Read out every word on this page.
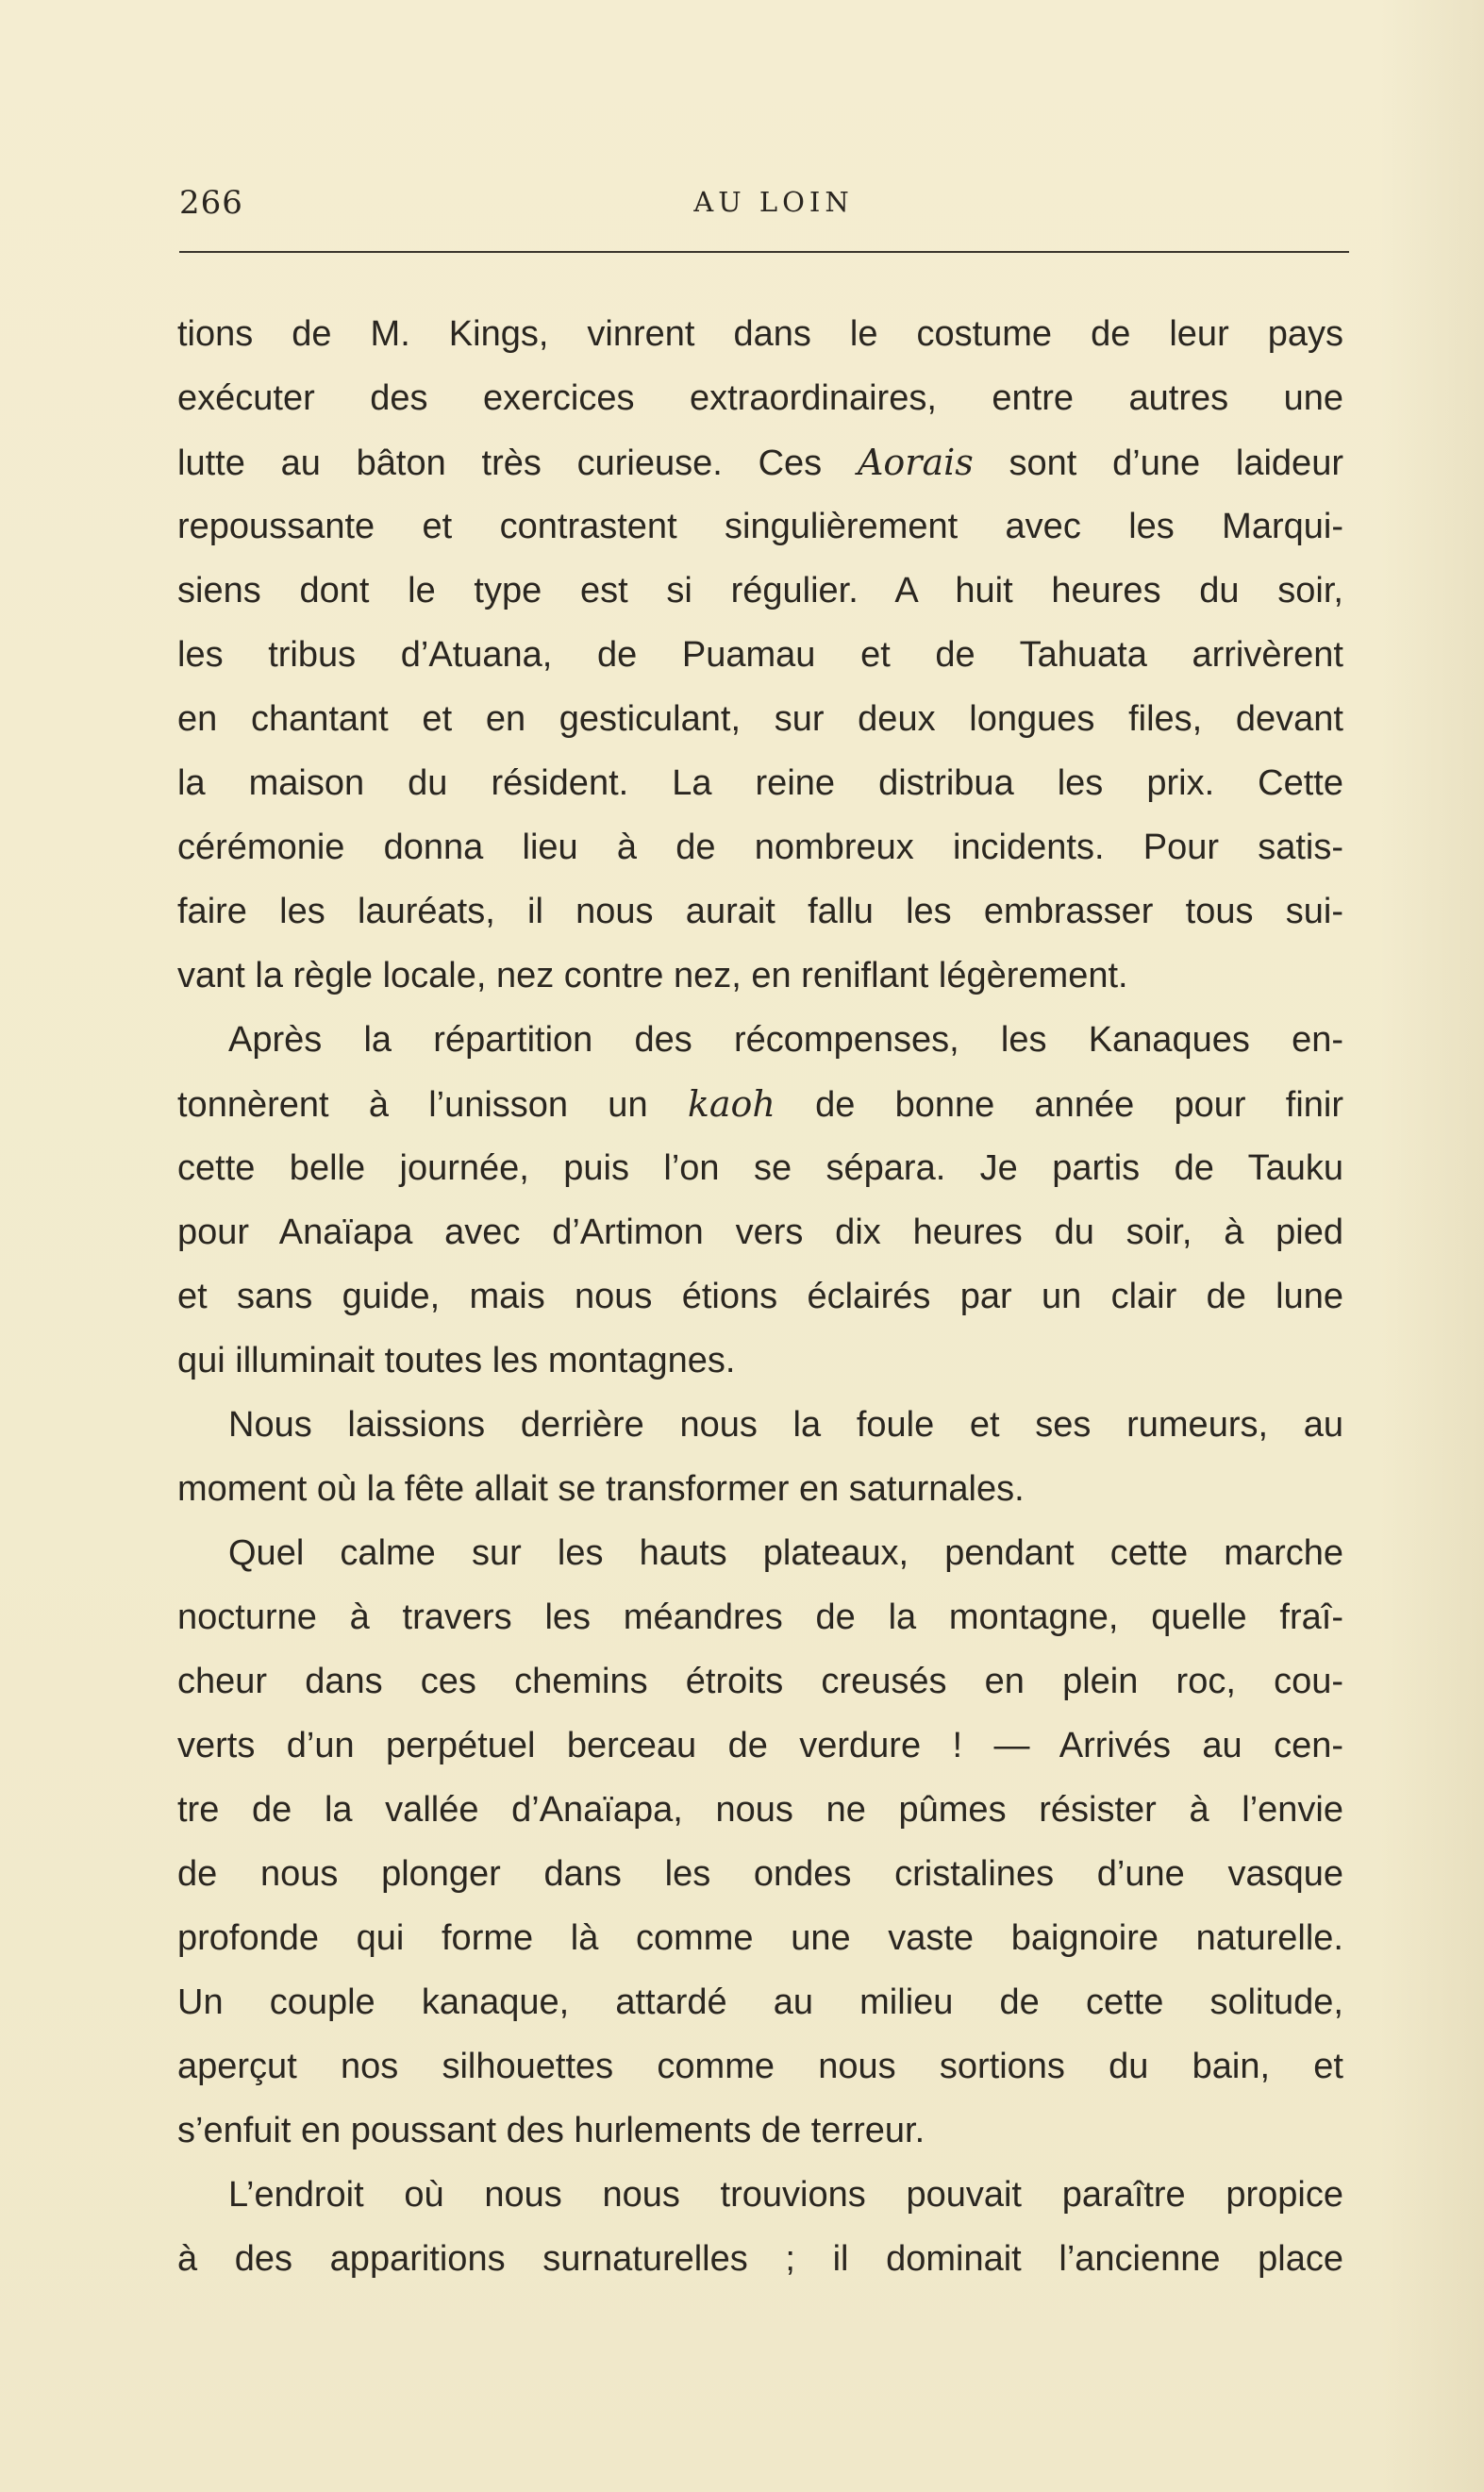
266	AU LOIN
tions de M. Kings, vinrent dans le costume de leur pays
exécuter des exercices extraordinaires, entre autres une
lutte au bâton très curieuse. Ces Aorais sont d’une laideur
repoussante et contrastent singulièrement avec les Marqui-
siens dont le type est si régulier. A huit heures du soir,
les tribus d’Atuana, de Puamau et de Tahuata arrivèrent
en chantant et en gesticulant, sur deux longues files, devant
la maison du résident. La reine distribua les prix. Cette
cérémonie donna lieu à de nombreux incidents. Pour satis-
faire les lauréats, il nous aurait fallu les embrasser tous sui-
vant la règle locale, nez contre nez, en reniflant légèrement.
Après la répartition des récompenses, les Kanaques en-
tonnèrent à l’unisson un kaoh de bonne année pour finir
cette belle journée, puis l’on se sépara. Je partis de Tauku
pour Anaïapa avec d’Artimon vers dix heures du soir, à pied
et sans guide, mais nous étions éclairés par un clair de lune
qui illuminait toutes les montagnes.
Nous laissions derrière nous la foule et ses rumeurs, au
moment où la fête allait se transformer en saturnales.
Quel calme sur les hauts plateaux, pendant cette marche
nocturne à travers les méandres de la montagne, quelle fraî-
cheur dans ces chemins étroits creusés en plein roc, cou-
verts d’un perpétuel berceau de verdure ! — Arrivés au cen-
tre de la vallée d’Anaïapa, nous ne pûmes résister à l’envie
de nous plonger dans les ondes cristalines d’une vasque
profonde qui forme là comme une vaste baignoire naturelle.
Un couple kanaque, attardé au milieu de cette solitude,
aperçut nos silhouettes comme nous sortions du bain, et
s’enfuit en poussant des hurlements de terreur.
L’endroit où nous nous trouvions pouvait paraître propice
à des apparitions surnaturelles ; il dominait l’ancienne place
